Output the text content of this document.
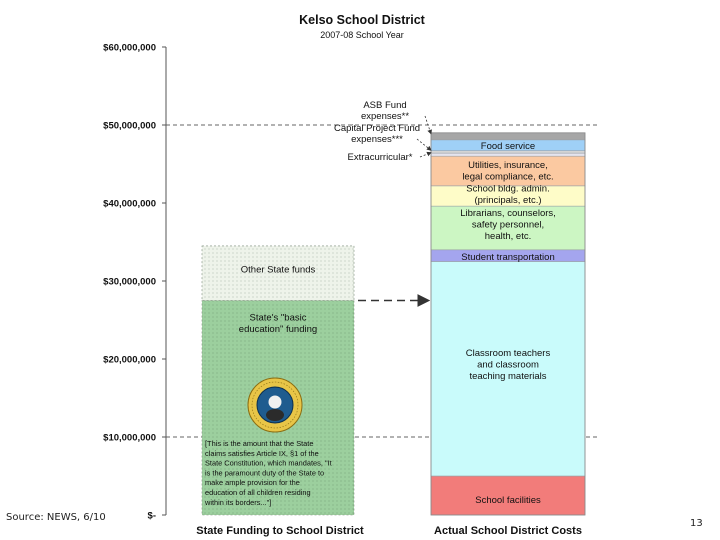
Kelso School District
2007-08 School Year
$-
$10,000,000
$20,000,000
$30,000,000
$40,000,000
$50,000,000
$60,000,000
Other State funds
State's "basic
education" funding
Food service
Utilities, insurance,
legal compliance, etc.
School bldg. admin.
(principals, etc.)
Librarians, counselors,
safety personnel,
health, etc.
Student transportation
Classroom teachers
and classroom
teaching materials
School facilities
[This is the amount that the State
claims satisfies Article IX, §1 of the
State Constitution, which mandates, "It
is the paramount duty of the State to
make ample provision for the
education of all children residing
within its borders..."]
ASB Fund
expenses**
Capital Project Fund
expenses***
Extracurricular*
State Funding to School District	Actual School District Costs
Source: NEWS, 6/10
13
